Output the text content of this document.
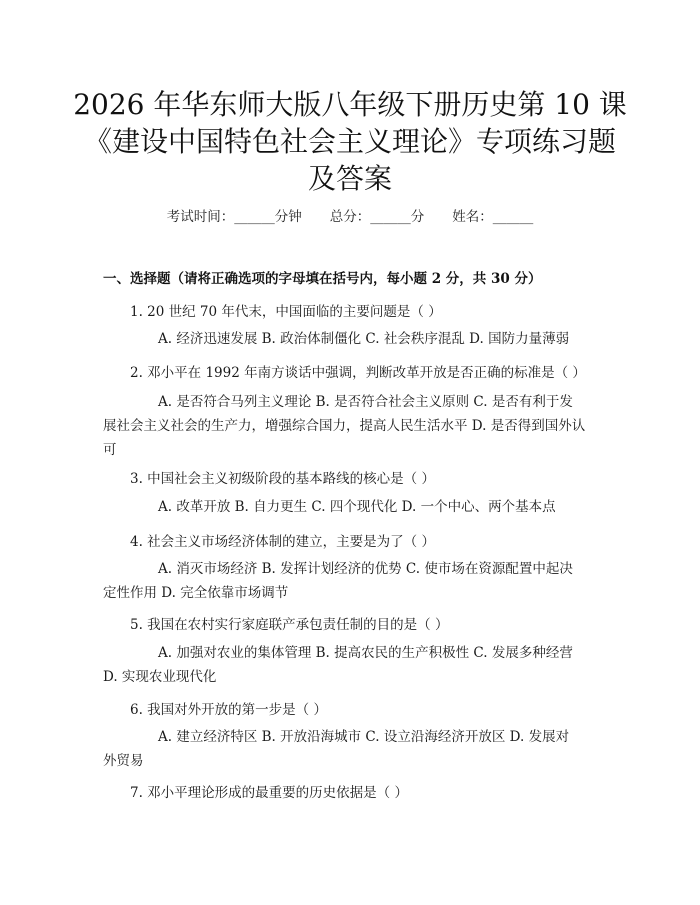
2026 年华东师大版八年级下册历史第 10 课
《建设中国特色社会主义理论》专项练习题
及答案
考试时间：______分钟 总分：______分 姓名：______
一、选择题（请将正确选项的字母填在括号内，每小题 2 分，共 30 分）
1. 20 世纪 70 年代末，中国面临的主要问题是（ ）
A. 经济迅速发展 B. 政治体制僵化 C. 社会秩序混乱 D. 国防力量薄弱
2. 邓小平在 1992 年南方谈话中强调，判断改革开放是否正确的标准是（ ）
A. 是否符合马列主义理论 B. 是否符合社会主义原则 C. 是否有利于发
展社会主义社会的生产力，增强综合国力，提高人民生活水平 D. 是否得到国外认
可
3. 中国社会主义初级阶段的基本路线的核心是（ ）
A. 改革开放 B. 自力更生 C. 四个现代化 D. 一个中心、两个基本点
4. 社会主义市场经济体制的建立，主要是为了（ ）
A. 消灭市场经济 B. 发挥计划经济的优势 C. 使市场在资源配置中起决
定性作用 D. 完全依靠市场调节
5. 我国在农村实行家庭联产承包责任制的目的是（ ）
A. 加强对农业的集体管理 B. 提高农民的生产积极性 C. 发展多种经营
D. 实现农业现代化
6. 我国对外开放的第一步是（ ）
A. 建立经济特区 B. 开放沿海城市 C. 设立沿海经济开放区 D. 发展对
外贸易
7. 邓小平理论形成的最重要的历史依据是（ ）
